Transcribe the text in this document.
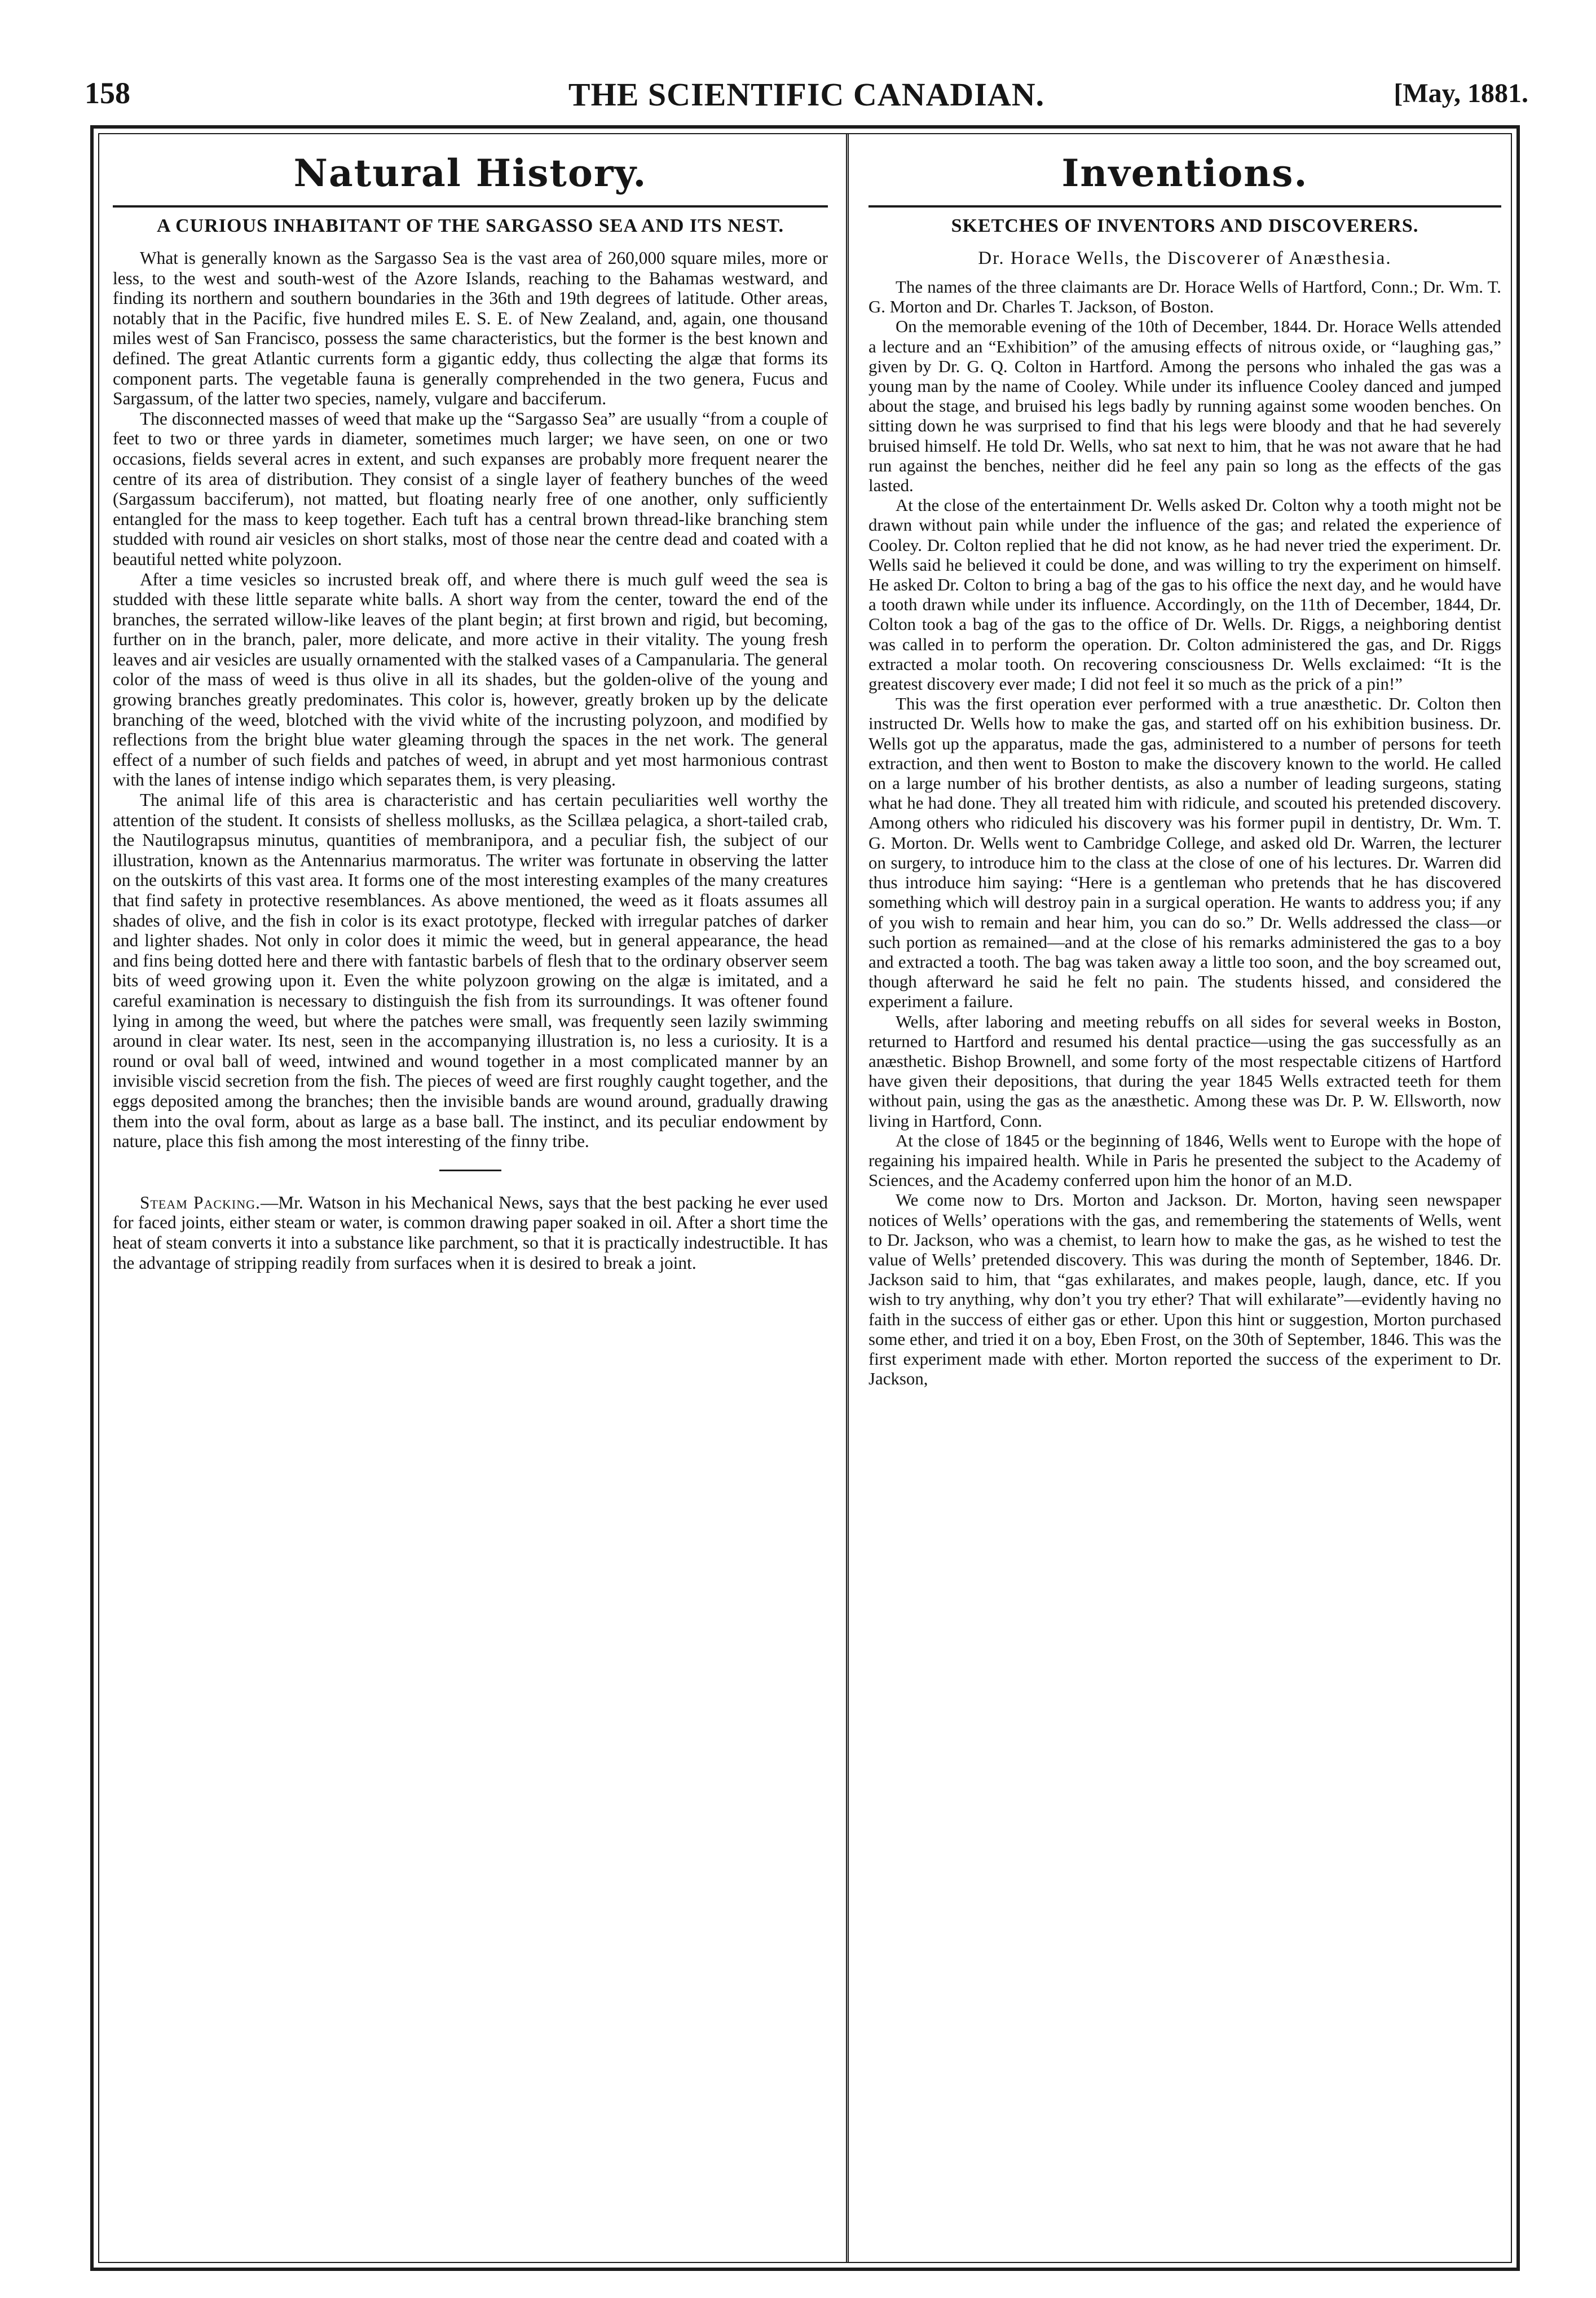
158	THE SCIENTIFIC CANADIAN.	[May, 1881.
Natural History.
A CURIOUS INHABITANT OF THE SARGASSO SEA AND ITS NEST.

What is generally known as the Sargasso Sea is the vast area of 260,000 square miles, more or less, to the west and south-west of the Azore Islands, reaching to the Bahamas westward, and finding its northern and southern boundaries in the 36th and 19th degrees of latitude. Other areas, notably that in the Pacific, five hundred miles E. S. E. of New Zealand, and, again, one thousand miles west of San Francisco, possess the same characteristics, but the former is the best known and defined. The great Atlantic currents form a gigantic eddy, thus collecting the algæ that forms its component parts. The vegetable fauna is generally comprehended in the two genera, Fucus and Sargassum, of the latter two species, namely, vulgare and bacciferum.

The disconnected masses of weed that make up the “Sargasso Sea” are usually “from a couple of feet to two or three yards in diameter, sometimes much larger; we have seen, on one or two occasions, fields several acres in extent, and such expanses are probably more frequent nearer the centre of its area of distribution. They consist of a single layer of feathery bunches of the weed (Sargassum bacciferum), not matted, but floating nearly free of one another, only sufficiently entangled for the mass to keep together. Each tuft has a central brown thread-like branching stem studded with round air vesicles on short stalks, most of those near the centre dead and coated with a beautiful netted white polyzoon.

After a time vesicles so incrusted break off, and where there is much gulf weed the sea is studded with these little separate white balls. A short way from the center, toward the end of the branches, the serrated willow-like leaves of the plant begin; at first brown and rigid, but becoming, further on in the branch, paler, more delicate, and more active in their vitality. The young fresh leaves and air vesicles are usually ornamented with the stalked vases of a Campanularia. The general color of the mass of weed is thus olive in all its shades, but the golden-olive of the young and growing branches greatly predominates. This color is, however, greatly broken up by the delicate branching of the weed, blotched with the vivid white of the incrusting polyzoon, and modified by reflections from the bright blue water gleaming through the spaces in the net work. The general effect of a number of such fields and patches of weed, in abrupt and yet most harmonious contrast with the lanes of intense indigo which separates them, is very pleasing.

The animal life of this area is characteristic and has certain peculiarities well worthy the attention of the student. It consists of shelless mollusks, as the Scillæa pelagica, a short-tailed crab, the Nautilograpsus minutus, quantities of membranipora, and a peculiar fish, the subject of our illustration, known as the Antennarius marmoratus. The writer was fortunate in observing the latter on the outskirts of this vast area. It forms one of the most interesting examples of the many creatures that find safety in protective resemblances. As above mentioned, the weed as it floats assumes all shades of olive, and the fish in color is its exact prototype, flecked with irregular patches of darker and lighter shades. Not only in color does it mimic the weed, but in general appearance, the head and fins being dotted here and there with fantastic barbels of flesh that to the ordinary observer seem bits of weed growing upon it. Even the white polyzoon growing on the algæ is imitated, and a careful examination is necessary to distinguish the fish from its surroundings. It was oftener found lying in among the weed, but where the patches were small, was frequently seen lazily swimming around in clear water. Its nest, seen in the accompanying illustration is, no less a curiosity. It is a round or oval ball of weed, intwined and wound together in a most complicated manner by an invisible viscid secretion from the fish. The pieces of weed are first roughly caught together, and the eggs deposited among the branches; then the invisible bands are wound around, gradually drawing them into the oval form, about as large as a base ball. The instinct, and its peculiar endowment by nature, place this fish among the most interesting of the finny tribe.

Steam Packing.—Mr. Watson in his Mechanical News, says that the best packing he ever used for faced joints, either steam or water, is common drawing paper soaked in oil. After a short time the heat of steam converts it into a substance like parchment, so that it is practically indestructible. It has the advantage of stripping readily from surfaces when it is desired to break a joint.

Inventions.
SKETCHES OF INVENTORS AND DISCOVERERS.
Dr. Horace Wells, the Discoverer of Anæsthesia.

The names of the three claimants are Dr. Horace Wells of Hartford, Conn.; Dr. Wm. T. G. Morton and Dr. Charles T. Jackson, of Boston.

On the memorable evening of the 10th of December, 1844. Dr. Horace Wells attended a lecture and an “Exhibition” of the amusing effects of nitrous oxide, or “laughing gas,” given by Dr. G. Q. Colton in Hartford. Among the persons who inhaled the gas was a young man by the name of Cooley. While under its influence Cooley danced and jumped about the stage, and bruised his legs badly by running against some wooden benches. On sitting down he was surprised to find that his legs were bloody and that he had severely bruised himself. He told Dr. Wells, who sat next to him, that he was not aware that he had run against the benches, neither did he feel any pain so long as the effects of the gas lasted.

At the close of the entertainment Dr. Wells asked Dr. Colton why a tooth might not be drawn without pain while under the influence of the gas; and related the experience of Cooley. Dr. Colton replied that he did not know, as he had never tried the experiment. Dr. Wells said he believed it could be done, and was willing to try the experiment on himself. He asked Dr. Colton to bring a bag of the gas to his office the next day, and he would have a tooth drawn while under its influence. Accordingly, on the 11th of December, 1844, Dr. Colton took a bag of the gas to the office of Dr. Wells. Dr. Riggs, a neighboring dentist was called in to perform the operation. Dr. Colton administered the gas, and Dr. Riggs extracted a molar tooth. On recovering consciousness Dr. Wells exclaimed: “It is the greatest discovery ever made; I did not feel it so much as the prick of a pin!”

This was the first operation ever performed with a true anæsthetic. Dr. Colton then instructed Dr. Wells how to make the gas, and started off on his exhibition business. Dr. Wells got up the apparatus, made the gas, administered to a number of persons for teeth extraction, and then went to Boston to make the discovery known to the world. He called on a large number of his brother dentists, as also a number of leading surgeons, stating what he had done. They all treated him with ridicule, and scouted his pretended discovery. Among others who ridiculed his discovery was his former pupil in dentistry, Dr. Wm. T. G. Morton. Dr. Wells went to Cambridge College, and asked old Dr. Warren, the lecturer on surgery, to introduce him to the class at the close of one of his lectures. Dr. Warren did thus introduce him saying: “Here is a gentleman who pretends that he has discovered something which will destroy pain in a surgical operation. He wants to address you; if any of you wish to remain and hear him, you can do so.” Dr. Wells addressed the class—or such portion as remained—and at the close of his remarks administered the gas to a boy and extracted a tooth. The bag was taken away a little too soon, and the boy screamed out, though afterward he said he felt no pain. The students hissed, and considered the experiment a failure.

Wells, after laboring and meeting rebuffs on all sides for several weeks in Boston, returned to Hartford and resumed his dental practice—using the gas successfully as an anæsthetic. Bishop Brownell, and some forty of the most respectable citizens of Hartford have given their depositions, that during the year 1845 Wells extracted teeth for them without pain, using the gas as the anæsthetic. Among these was Dr. P. W. Ellsworth, now living in Hartford, Conn.

At the close of 1845 or the beginning of 1846, Wells went to Europe with the hope of regaining his impaired health. While in Paris he presented the subject to the Academy of Sciences, and the Academy conferred upon him the honor of an M.D.

We come now to Drs. Morton and Jackson. Dr. Morton, having seen newspaper notices of Wells’ operations with the gas, and remembering the statements of Wells, went to Dr. Jackson, who was a chemist, to learn how to make the gas, as he wished to test the value of Wells’ pretended discovery. This was during the month of September, 1846. Dr. Jackson said to him, that “gas exhilarates, and makes people, laugh, dance, etc. If you wish to try anything, why don’t you try ether? That will exhilarate”—evidently having no faith in the success of either gas or ether. Upon this hint or suggestion, Morton purchased some ether, and tried it on a boy, Eben Frost, on the 30th of September, 1846. This was the first experiment made with ether. Morton reported the success of the experiment to Dr. Jackson,
